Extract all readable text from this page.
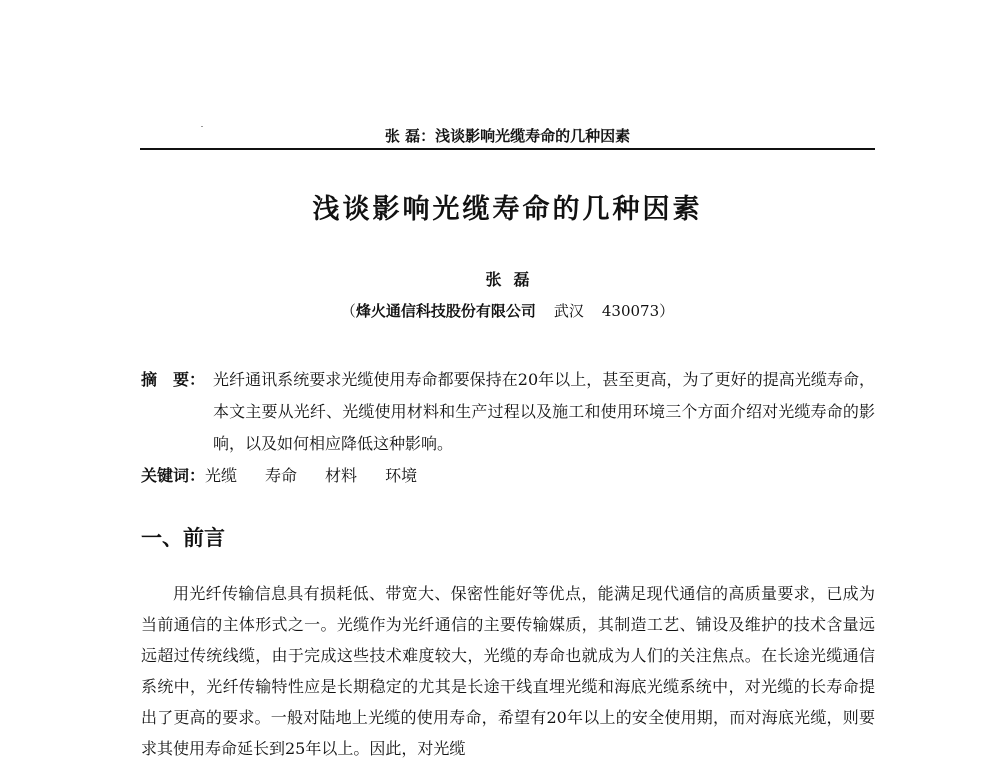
张 磊：浅谈影响光缆寿命的几种因素
浅谈影响光缆寿命的几种因素
张磊
（烽火通信科技股份有限公司 武汉 430073）
摘　要： 光纤通讯系统要求光缆使用寿命都要保持在20年以上，甚至更高，为了更好的提高光缆寿命，本文主要从光纤、光缆使用材料和生产过程以及施工和使用环境三个方面介绍对光缆寿命的影响，以及如何相应降低这种影响。
关键词：光缆 寿命 材料 环境
一、前言
用光纤传输信息具有损耗低、带宽大、保密性能好等优点，能满足现代通信的高质量要求，已成为当前通信的主体形式之一。光缆作为光纤通信的主要传输媒质，其制造工艺、铺设及维护的技术含量远远超过传统线缆，由于完成这些技术难度较大，光缆的寿命也就成为人们的关注焦点。在长途光缆通信系统中，光纤传输特性应是长期稳定的尤其是长途干线直埋光缆和海底光缆系统中，对光缆的长寿命提出了更高的要求。一般对陆地上光缆的使用寿命，希望有20年以上的安全使用期，而对海底光缆，则要求其使用寿命延长到25年以上。因此，对光缆
